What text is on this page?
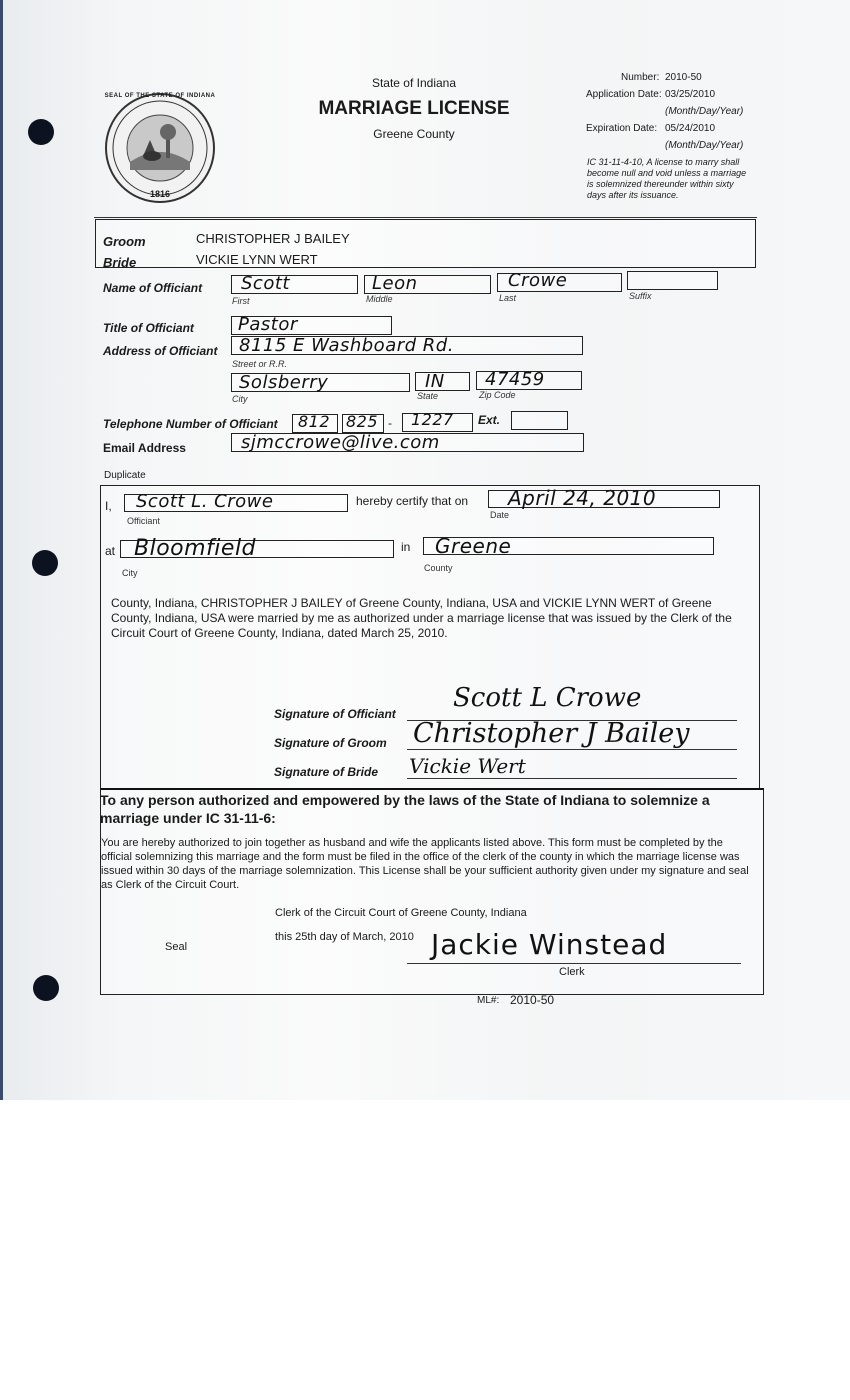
SEAL OF THE STATE OF INDIANA
1816
State of Indiana
MARRIAGE LICENSE
Greene County
Number: 2010-50
Application Date: 03/25/2010
(Month/Day/Year)
Expiration Date: 05/24/2010
(Month/Day/Year)
IC 31-11-4-10, A license to marry shall become null and void unless a marriage is solemnized thereunder within sixty days after its issuance.
Groom	CHRISTOPHER J BAILEY
Bride	VICKIE LYNN WERT
Name of Officiant Scott
First
Leon
Middle
Crowe
Last	Suffix
Title of Officiant Pastor
Address of Officiant 8115 E Washboard Rd.
Street or R.R.
Solsberry
City
IN
State
47459
Zip Code
Telephone Number of Officiant 812 825 - 1227 Ext.
Email Address	sjmccrowe@live.com
Duplicate
I, Scott L. Crowe
Officiant
hereby certify that on April 24, 2010
Date
at Bloomfield
City
in Greene
County
County, Indiana, CHRISTOPHER J BAILEY of Greene County, Indiana, USA and VICKIE LYNN WERT of Greene County, Indiana, USA were married by me as authorized under a marriage license that was issued by the Clerk of the Circuit Court of Greene County, Indiana, dated March 25, 2010.
Signature of Officiant
Scott L Crowe
Signature of Groom Christopher J Bailey
Signature of Bride Vickie Wert
To any person authorized and empowered by the laws of the State of Indiana to solemnize a marriage under IC 31-11-6:
You are hereby authorized to join together as husband and wife the applicants listed above. This form must be completed by the official solemnizing this marriage and the form must be filed in the office of the clerk of the county in which the marriage license was issued within 30 days of the marriage solemnization. This License shall be your sufficient authority given under my signature and seal as Clerk of the Circuit Court.
Clerk of the Circuit Court of Greene County, Indiana
Seal
this 25th day of March, 2010 Jackie Winstead
Clerk
ML#: 2010-50
